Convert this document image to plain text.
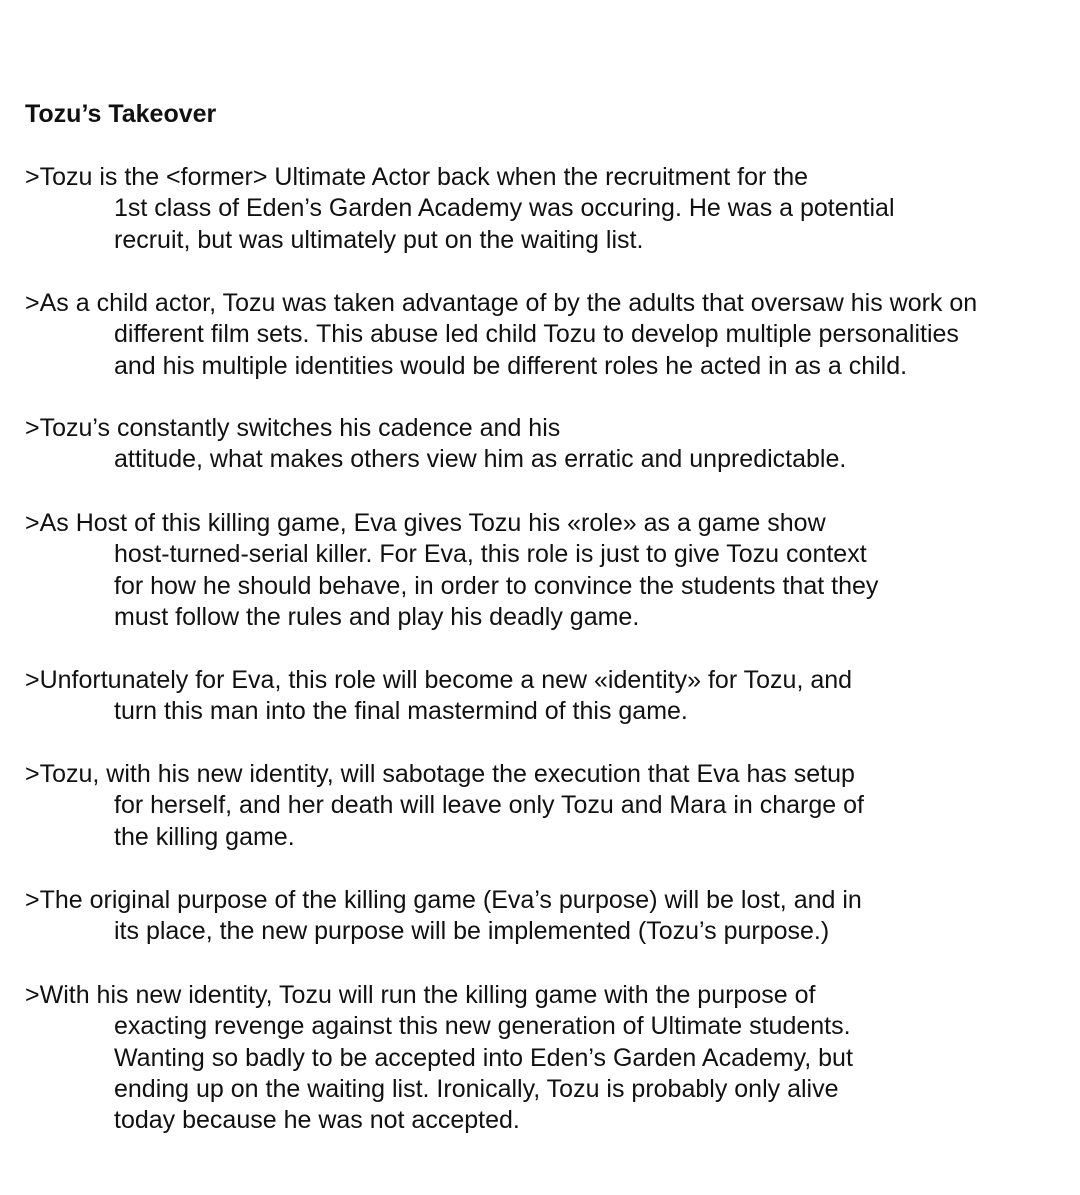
Tozu’s Takeover

>Tozu is the <former> Ultimate Actor back when the recruitment for the
1st class of Eden’s Garden Academy was occuring. He was a potential
recruit, but was ultimately put on the waiting list.

>As a child actor, Tozu was taken advantage of by the adults that oversaw his work on
different film sets. This abuse led child Tozu to develop multiple personalities
and his multiple identities would be different roles he acted in as a child.

>Tozu’s constantly switches his cadence and his
attitude, what makes others view him as erratic and unpredictable.

>As Host of this killing game, Eva gives Tozu his «role» as a game show
host-turned-serial killer. For Eva, this role is just to give Tozu context
for how he should behave, in order to convince the students that they
must follow the rules and play his deadly game.

>Unfortunately for Eva, this role will become a new «identity» for Tozu, and
turn this man into the final mastermind of this game.

>Tozu, with his new identity, will sabotage the execution that Eva has setup
for herself, and her death will leave only Tozu and Mara in charge of
the killing game.

>The original purpose of the killing game (Eva’s purpose) will be lost, and in
its place, the new purpose will be implemented (Tozu’s purpose.)

>With his new identity, Tozu will run the killing game with the purpose of
exacting revenge against this new generation of Ultimate students.
Wanting so badly to be accepted into Eden’s Garden Academy, but
ending up on the waiting list. Ironically, Tozu is probably only alive
today because he was not accepted.
